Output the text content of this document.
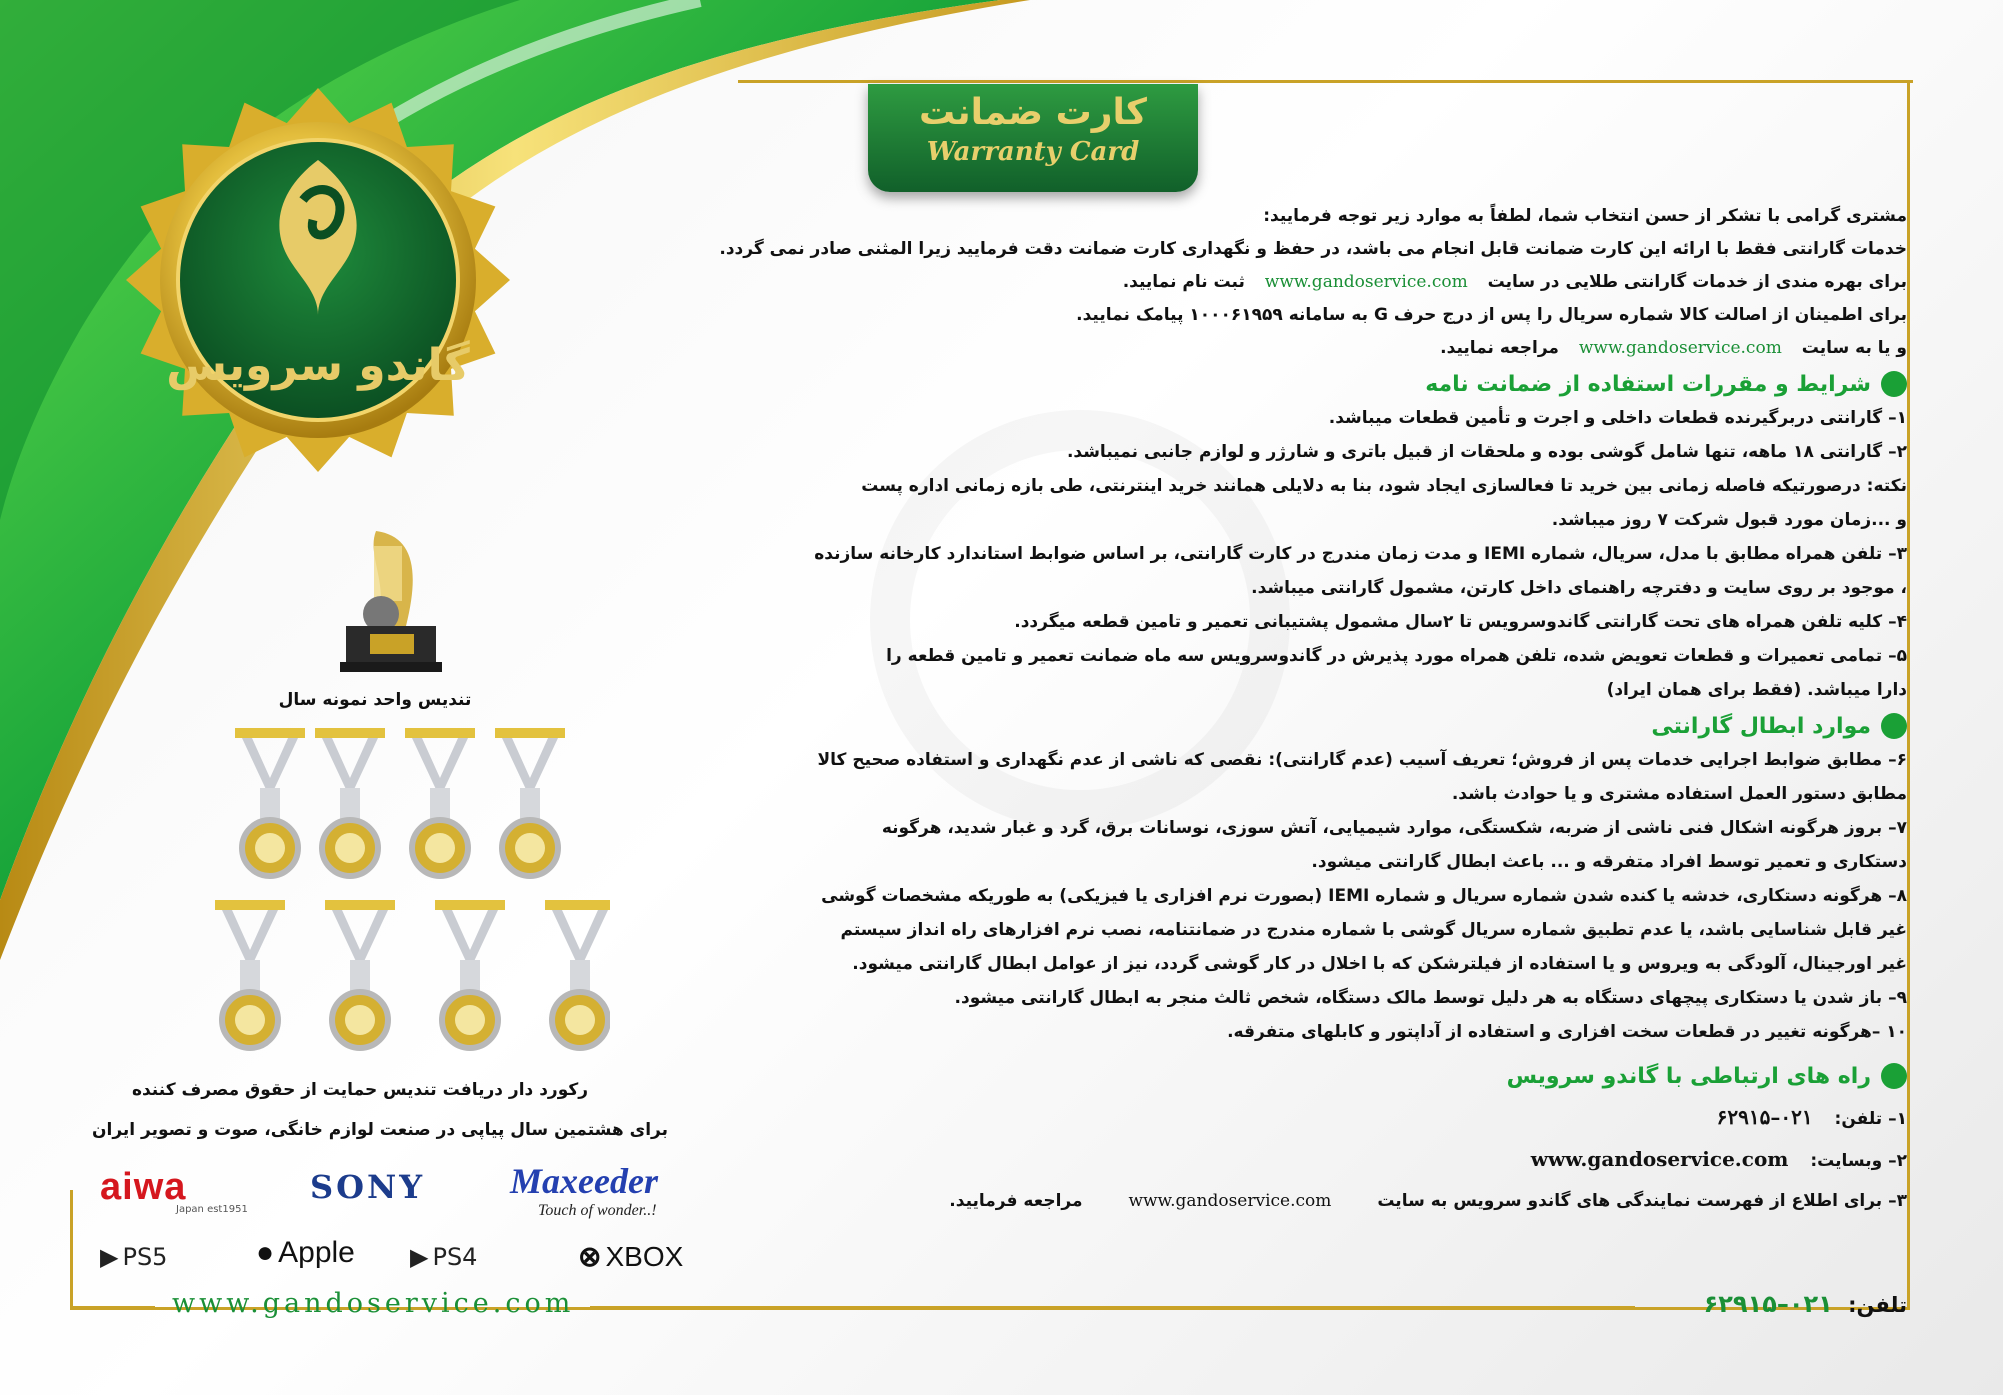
گاندو سرویس
کارت ضمانت
Warranty Card
مشتری گرامی با تشکر از حسن انتخاب شما، لطفاً به موارد زیر توجه فرمایید:
خدمات گارانتی فقط با ارائه این کارت ضمانت قابل انجام می باشد، در حفظ و نگهداری کارت ضمانت دقت فرمایید زیرا المثنی صادر نمی گردد.
برای بهره مندی از خدمات گارانتی طلایی در سایت www.gandoservice.com ثبت نام نمایید.
برای اطمینان از اصالت کالا شماره سریال را پس از درج حرف G به سامانه ۱۰۰۰۶۱۹۵۹ پیامک نمایید.
و یا به سایت www.gandoservice.com مراجعه نمایید.
شرایط و مقررات استفاده از ضمانت نامه
۱– گارانتی دربرگیرنده قطعات داخلی و اجرت و تأمین قطعات میباشد.
۲– گارانتی ۱۸ ماهه، تنها شامل گوشی بوده و ملحقات از قبیل باتری و شارژر و لوازم جانبی نمیباشد.
نکته: درصورتیکه فاصله زمانی بین خرید تا فعالسازی ایجاد شود، بنا به دلایلی همانند خرید اینترنتی، طی بازه زمانی اداره پست
و ...زمان مورد قبول شرکت ۷ روز میباشد.
۳– تلفن همراه مطابق با مدل، سریال، شماره IEMI و مدت زمان مندرج در کارت گارانتی، بر اساس ضوابط استاندارد کارخانه سازنده
، موجود بر روی سایت و دفترچه راهنمای داخل کارتن، مشمول گارانتی میباشد.
۴– کلیه تلفن همراه های تحت گارانتی گاندوسرویس تا ۲سال مشمول پشتیبانی تعمیر و تامین قطعه میگردد.
۵– تمامی تعمیرات و قطعات تعویض شده، تلفن همراه مورد پذیرش در گاندوسرویس سه ماه ضمانت تعمیر و تامین قطعه را
دارا میباشد. (فقط برای همان ایراد)
موارد ابطال گارانتی
۶– مطابق ضوابط اجرایی خدمات پس از فروش؛ تعریف آسیب (عدم گارانتی): نقصی که ناشی از عدم نگهداری و استفاده صحیح کالا
مطابق دستور العمل استفاده مشتری و یا حوادث باشد.
۷– بروز هرگونه اشکال فنی ناشی از ضربه، شکستگی، موارد شیمیایی، آتش سوزی، نوسانات برق، گرد و غبار شدید، هرگونه
دستکاری و تعمیر توسط افراد متفرقه و ... باعث ابطال گارانتی میشود.
۸– هرگونه دستکاری، خدشه یا کنده شدن شماره سریال و شماره IEMI (بصورت نرم افزاری یا فیزیکی) به طوریکه مشخصات گوشی
غیر قابل شناسایی باشد، یا عدم تطبیق شماره سریال گوشی با شماره مندرج در ضمانتنامه، نصب نرم افزارهای راه انداز سیستم
غیر اورجینال، آلودگی به ویروس و یا استفاده از فیلترشکن که با اخلال در کار گوشی گردد، نیز از عوامل ابطال گارانتی میشود.
۹– باز شدن یا دستکاری پیچهای دستگاه به هر دلیل توسط مالک دستگاه، شخص ثالث منجر به ابطال گارانتی میشود.
۱۰ –هرگونه تغییر در قطعات سخت افزاری و استفاده از آداپتور و کابلهای متفرقه.
راه های ارتباطی با گاندو سرویس
۱– تلفن: ۰۲۱–۶۲۹۱۵
۲– وبسایت: www.gandoservice.com
۳– برای اطلاع از فهرست نمایندگی های گاندو سرویس به سایت www.gandoservice.com مراجعه فرمایید.
www.gandoservice.com	تلفن: ۰۲۱–۶۲۹۱۵
تندیس واحد نمونه سال
رکورد دار دریافت تندیس حمایت از حقوق مصرف کننده
برای هشتمین سال پیاپی در صنعت لوازم خانگی، صوت و تصویر ایران
aiwa
Japan est1951
SONY Maxeeder
Touch of wonder..!
▶ PS5	● Apple ▶ PS4	⊗ XBOX
